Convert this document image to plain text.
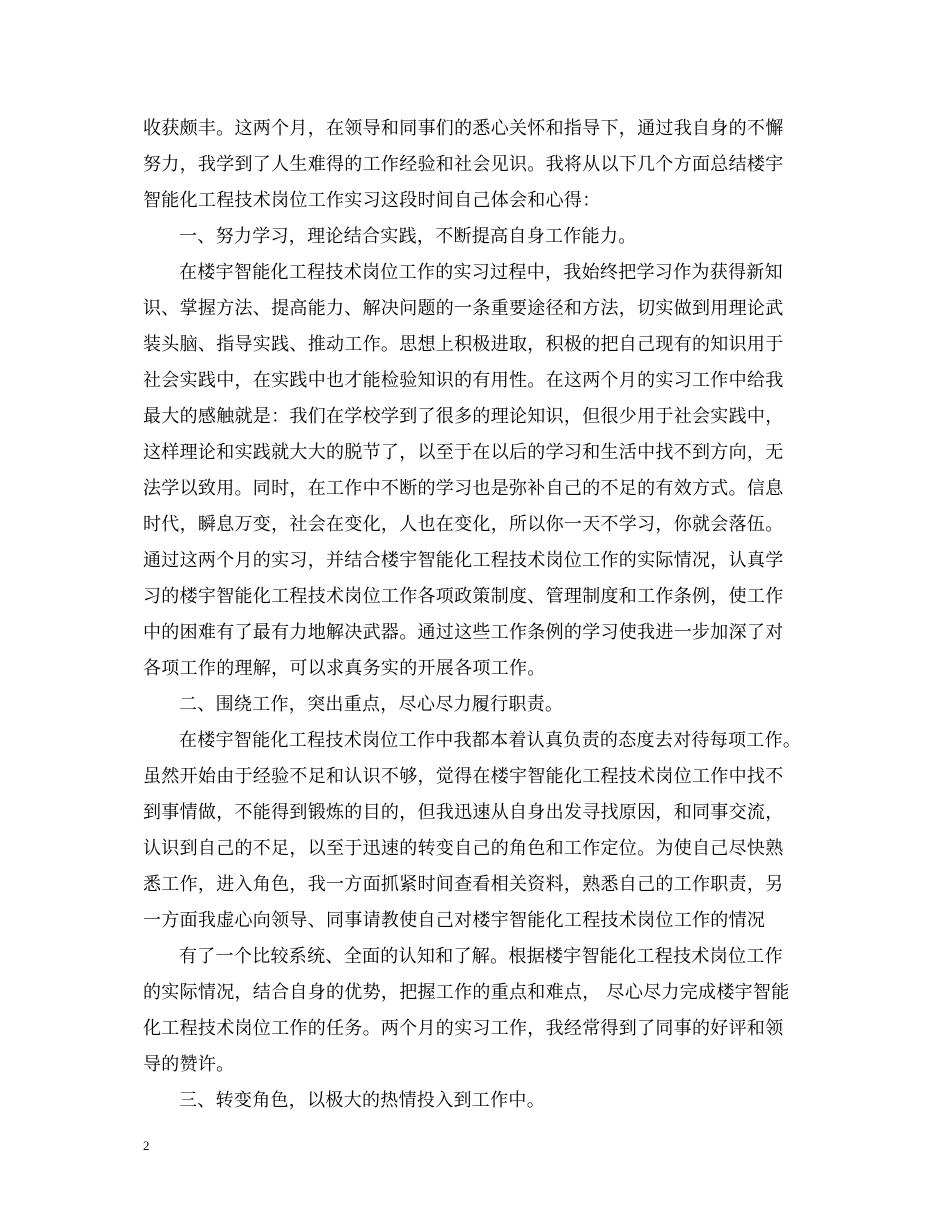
收获颇丰。这两个月，在领导和同事们的悉心关怀和指导下，通过我自身的不懈
努力，我学到了人生难得的工作经验和社会见识。我将从以下几个方面总结楼宇
智能化工程技术岗位工作实习这段时间自己体会和心得：
一、努力学习，理论结合实践，不断提高自身工作能力。
在楼宇智能化工程技术岗位工作的实习过程中，我始终把学习作为获得新知
识、掌握方法、提高能力、解决问题的一条重要途径和方法，切实做到用理论武
装头脑、指导实践、推动工作。思想上积极进取，积极的把自己现有的知识用于
社会实践中，在实践中也才能检验知识的有用性。在这两个月的实习工作中给我
最大的感触就是：我们在学校学到了很多的理论知识，但很少用于社会实践中，
这样理论和实践就大大的脱节了，以至于在以后的学习和生活中找不到方向，无
法学以致用。同时，在工作中不断的学习也是弥补自己的不足的有效方式。信息
时代，瞬息万变，社会在变化，人也在变化，所以你一天不学习，你就会落伍。
通过这两个月的实习，并结合楼宇智能化工程技术岗位工作的实际情况，认真学
习的楼宇智能化工程技术岗位工作各项政策制度、管理制度和工作条例，使工作
中的困难有了最有力地解决武器。通过这些工作条例的学习使我进一步加深了对
各项工作的理解，可以求真务实的开展各项工作。
二、围绕工作，突出重点，尽心尽力履行职责。
在楼宇智能化工程技术岗位工作中我都本着认真负责的态度去对待每项工作。
虽然开始由于经验不足和认识不够，觉得在楼宇智能化工程技术岗位工作中找不
到事情做，不能得到锻炼的目的，但我迅速从自身出发寻找原因，和同事交流，
认识到自己的不足，以至于迅速的转变自己的角色和工作定位。为使自己尽快熟
悉工作，进入角色，我一方面抓紧时间查看相关资料，熟悉自己的工作职责，另
一方面我虚心向领导、同事请教使自己对楼宇智能化工程技术岗位工作的情况
有了一个比较系统、全面的认知和了解。根据楼宇智能化工程技术岗位工作
的实际情况，结合自身的优势，把握工作的重点和难点， 尽心尽力完成楼宇智能
化工程技术岗位工作的任务。两个月的实习工作，我经常得到了同事的好评和领
导的赞许。
三、转变角色，以极大的热情投入到工作中。
2
